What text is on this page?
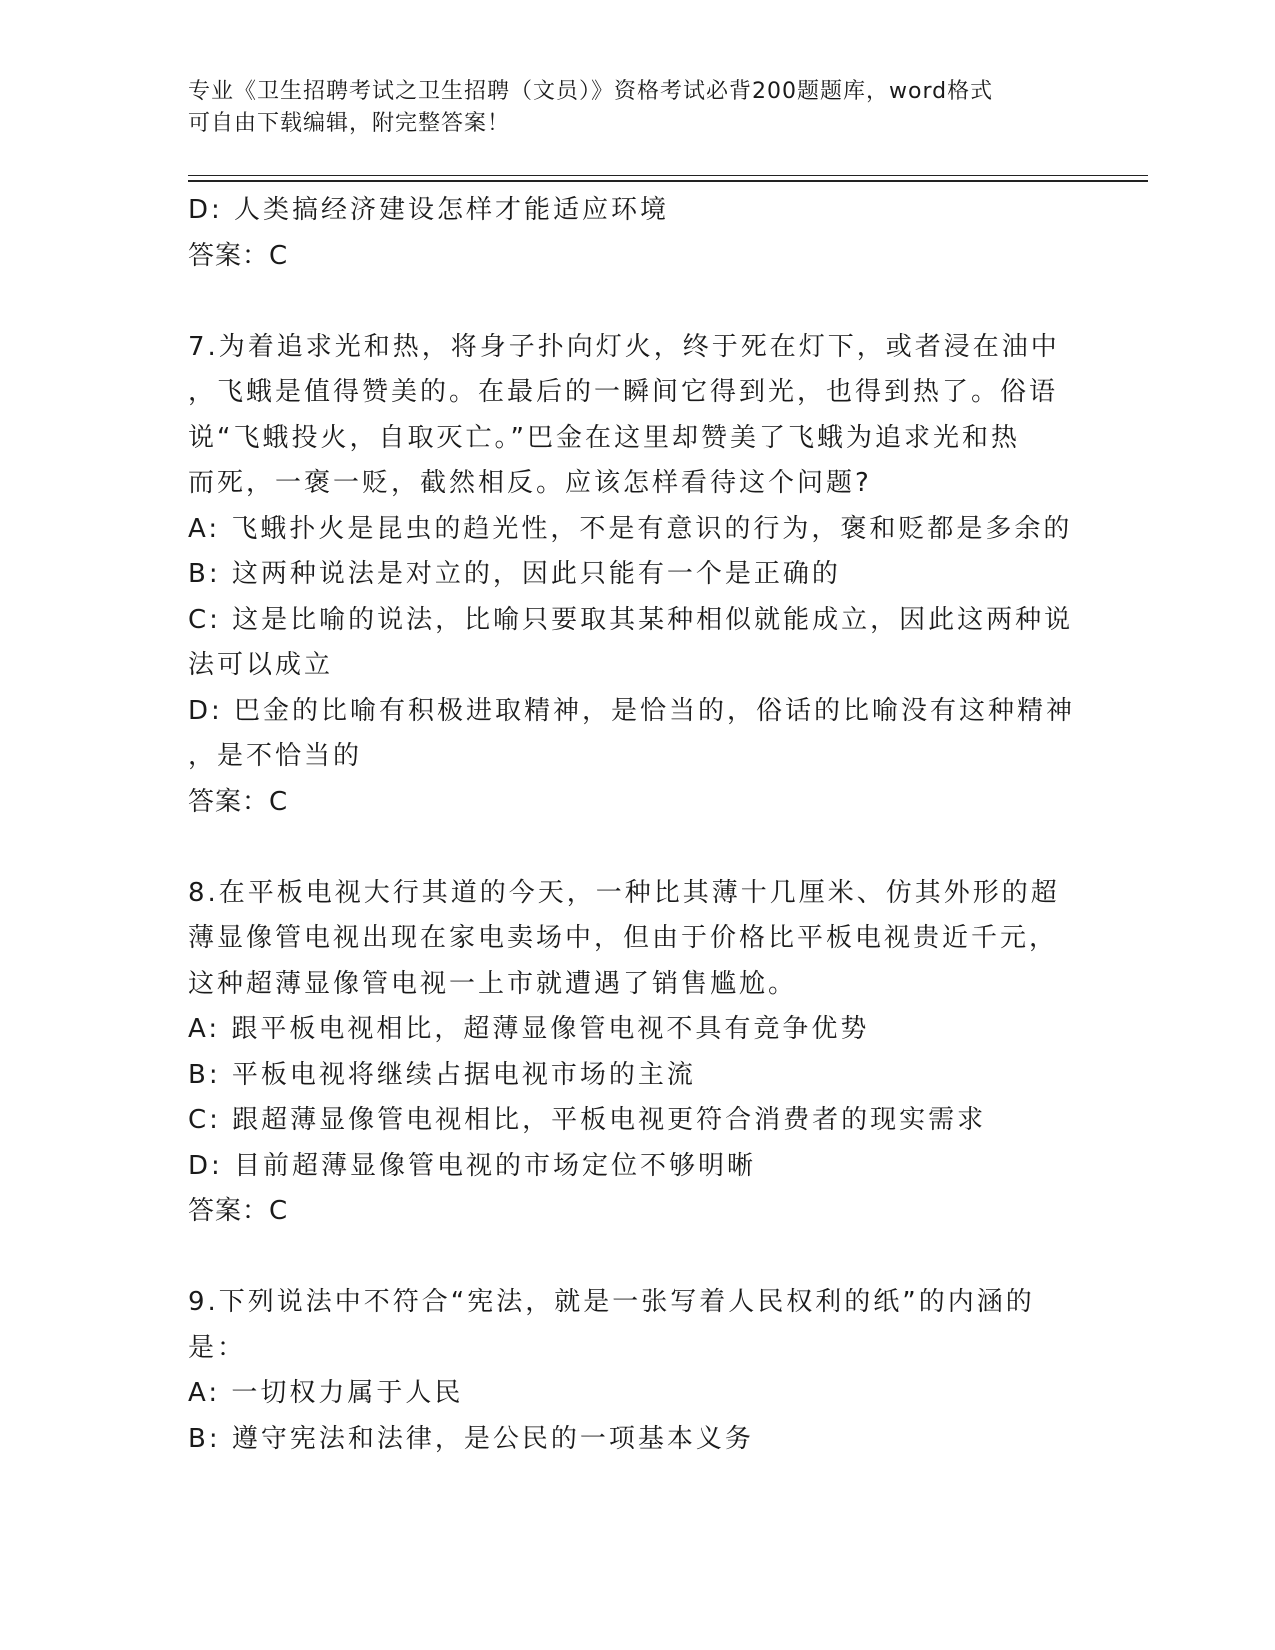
专业《卫生招聘考试之卫生招聘（文员）》资格考试必背200题题库，word格式
可自由下载编辑，附完整答案！
D: 人类搞经济建设怎样才能适应环境
答案：C
7.为着追求光和热，将身子扑向灯火，终于死在灯下，或者浸在油中
，飞蛾是值得赞美的。在最后的一瞬间它得到光，也得到热了。俗语
说“飞蛾投火，自取灭亡。”巴金在这里却赞美了飞蛾为追求光和热
而死，一褒一贬，截然相反。应该怎样看待这个问题?
A: 飞蛾扑火是昆虫的趋光性，不是有意识的行为，褒和贬都是多余的
B: 这两种说法是对立的，因此只能有一个是正确的
C: 这是比喻的说法，比喻只要取其某种相似就能成立，因此这两种说
法可以成立
D: 巴金的比喻有积极进取精神，是恰当的，俗话的比喻没有这种精神
，是不恰当的
答案：C
8.在平板电视大行其道的今天，一种比其薄十几厘米、仿其外形的超
薄显像管电视出现在家电卖场中，但由于价格比平板电视贵近千元，
这种超薄显像管电视一上市就遭遇了销售尴尬。
A: 跟平板电视相比，超薄显像管电视不具有竞争优势
B: 平板电视将继续占据电视市场的主流
C: 跟超薄显像管电视相比，平板电视更符合消费者的现实需求
D: 目前超薄显像管电视的市场定位不够明晰
答案：C
9.下列说法中不符合“宪法，就是一张写着人民权利的纸”的内涵的
是：
A: 一切权力属于人民
B: 遵守宪法和法律，是公民的一项基本义务
